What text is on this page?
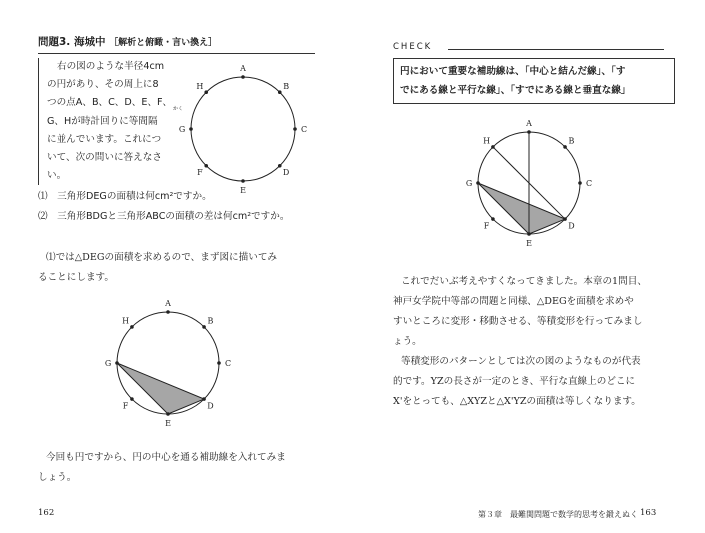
問題3. 海城中 ［解析と俯瞰・言い換え］
右の図のような半径4cm
の円があり、その周上に8
つの点A、B、C、D、E、F、
G、Hが時計回りに等間隔
かく
に並んでいます。これにつ
いて、次の問いに答えなさ
い。
⑴　三角形DEGの面積は何cm²ですか。
⑵　三角形BDGと三角形ABCの面積の差は何cm²ですか。
A
B
C
D
E
F
G
H
⑴では△DEGの面積を求めるので、まず図に描いてみ
ることにします。
A
B
C
D
E
F
G
H
今回も円ですから、円の中心を通る補助線を入れてみま
しょう。
162
CHECK
円において重要な補助線は、「中心と結んだ線」、「す
でにある線と平行な線」、「すでにある線と垂直な線」
A
B
C
D
E
F
G
H
これでだいぶ考えやすくなってきました。本章の1問目、
神戸女学院中等部の問題と同様、△DEGを面積を求めや
すいところに変形・移動させる、等積変形を行ってみまし
ょう。
等積変形のパターンとしては次の図のようなものが代表
的です。YZの長さが一定のとき、平行な直線上のどこに
X'をとっても、△XYZと△X'YZの面積は等しくなります。
第３章　最難関問題で数学的思考を鍛えぬく 163
